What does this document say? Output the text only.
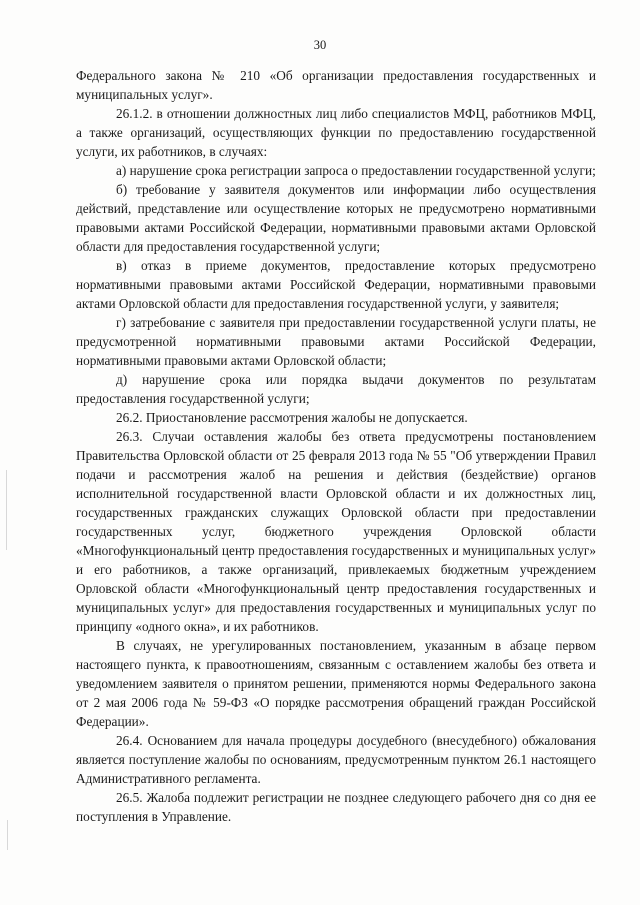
30

Федерального закона № 210 «Об организации предоставления государственных и муниципальных услуг».

26.1.2. в отношении должностных лиц либо специалистов МФЦ, работников МФЦ, а также организаций, осуществляющих функции по предоставлению государственной услуги, их работников, в случаях:

а) нарушение срока регистрации запроса о предоставлении государственной услуги;

б) требование у заявителя документов или информации либо осуществления действий, представление или осуществление которых не предусмотрено нормативными правовыми актами Российской Федерации, нормативными правовыми актами Орловской области для предоставления государственной услуги;

в) отказ в приеме документов, предоставление которых предусмотрено нормативными правовыми актами Российской Федерации, нормативными правовыми актами Орловской области для предоставления государственной услуги, у заявителя;

г) затребование с заявителя при предоставлении государственной услуги платы, не предусмотренной нормативными правовыми актами Российской Федерации, нормативными правовыми актами Орловской области;

д) нарушение срока или порядка выдачи документов по результатам предоставления государственной услуги;

26.2. Приостановление рассмотрения жалобы не допускается.

26.3. Случаи оставления жалобы без ответа предусмотрены постановлением Правительства Орловской области от 25 февраля 2013 года № 55 "Об утверждении Правил подачи и рассмотрения жалоб на решения и действия (бездействие) органов исполнительной государственной власти Орловской области и их должностных лиц, государственных гражданских служащих Орловской области при предоставлении государственных услуг, бюджетного учреждения Орловской области «Многофункциональный центр предоставления государственных и муниципальных услуг» и его работников, а также организаций, привлекаемых бюджетным учреждением Орловской области «Многофункциональный центр предоставления государственных и муниципальных услуг» для предоставления государственных и муниципальных услуг по принципу «одного окна», и их работников.

В случаях, не урегулированных постановлением, указанным в абзаце первом настоящего пункта, к правоотношениям, связанным с оставлением жалобы без ответа и уведомлением заявителя о принятом решении, применяются нормы Федерального закона от 2 мая 2006 года № 59-ФЗ «О порядке рассмотрения обращений граждан Российской Федерации».

26.4. Основанием для начала процедуры досудебного (внесудебного) обжалования является поступление жалобы по основаниям, предусмотренным пунктом 26.1 настоящего Административного регламента.

26.5. Жалоба подлежит регистрации не позднее следующего рабочего дня со дня ее поступления в Управление.
